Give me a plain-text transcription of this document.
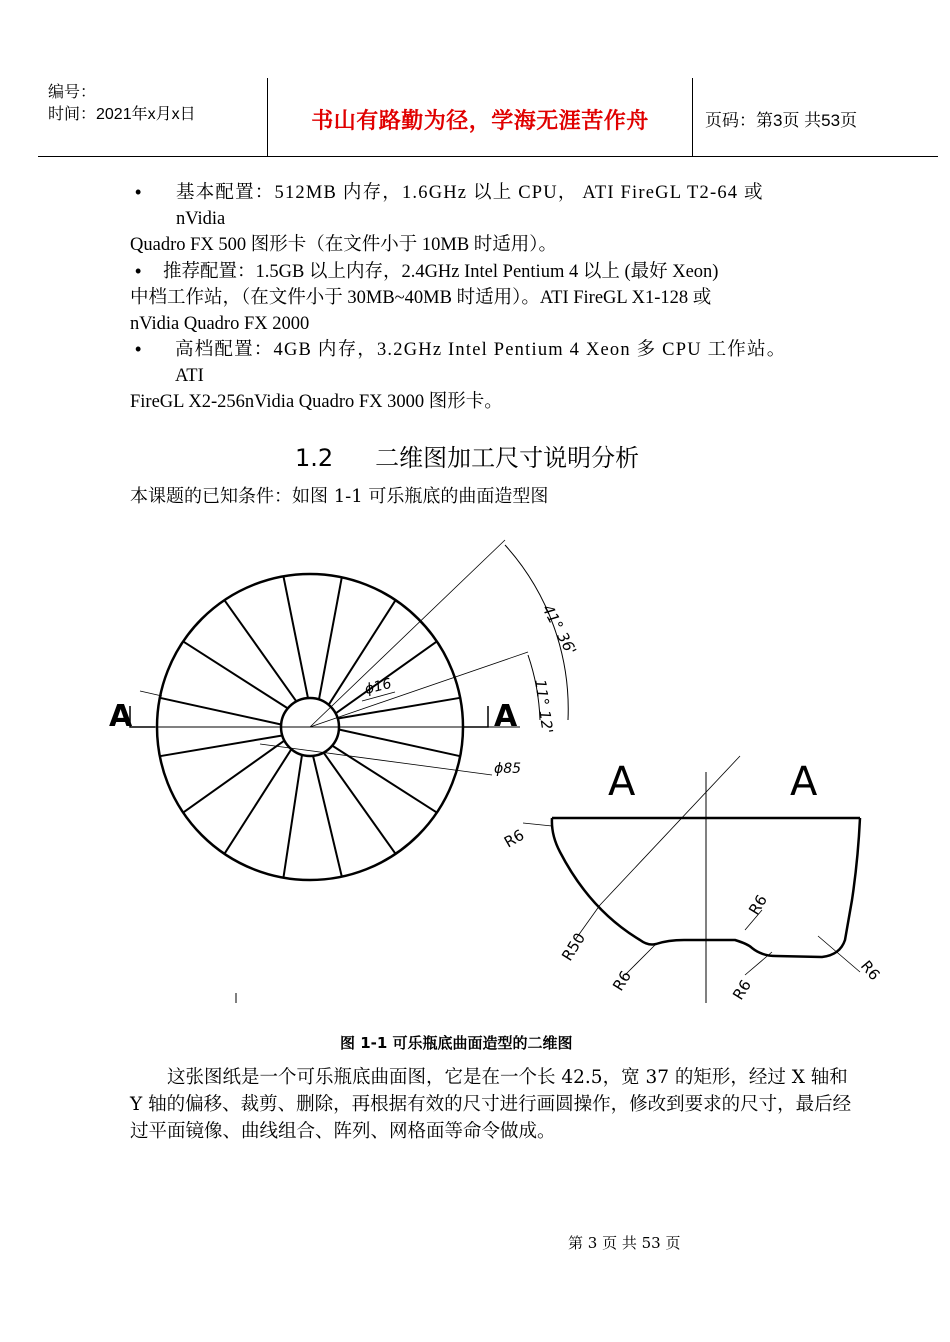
编号：
时间：2021年x月x日	书山有路勤为径，学海无涯苦作舟	页码：第3页 共53页
• 基本配置：512MB 内存，1.6GHz 以上 CPU， ATI FireGL T2-64 或
nVidia
Quadro FX 500 图形卡（在文件小于 10MB 时适用）。
• 推荐配置：1.5GB 以上内存，2.4GHz Intel Pentium 4 以上 (最好 Xeon)
中档工作站，（在文件小于 30MB~40MB 时适用）。ATI FireGL X1-128 或
nVidia Quadro FX 2000
• 高档配置：4GB 内存，3.2GHz Intel Pentium 4 Xeon 多 CPU 工作站。
ATI
FireGL X2-256nVidia Quadro FX 3000 图形卡。
1.2 二维图加工尺寸说明分析
本课题的已知条件：如图 1-1 可乐瓶底的曲面造型图
A	A
ϕ16
ϕ85
41° 36'
11° 12'
A	A
R6
R50
R6	R6
R6
R6
图 1-1 可乐瓶底曲面造型的二维图
这张图纸是一个可乐瓶底曲面图，它是在一个长 42.5，宽 37 的矩形，经过 X 轴和 Y 轴的偏移、裁剪、删除，再根据有效的尺寸进行画圆操作，修改到要求的尺寸，最后经过平面镜像、曲线组合、阵列、网格面等命令做成。
第 3 页 共 53 页
